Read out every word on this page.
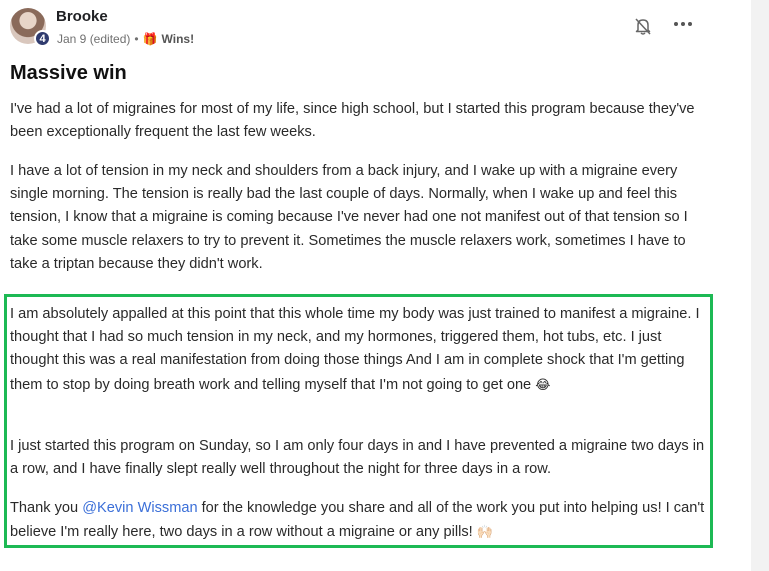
4
Brooke
Jan 9 (edited) • 🎁 Wins!
Massive win

I've had a lot of migraines for most of my life, since high school, but I started this program because they've been exceptionally frequent the last few weeks.

I have a lot of tension in my neck and shoulders from a back injury, and I wake up with a migraine every single morning. The tension is really bad the last couple of days. Normally, when I wake up and feel this tension, I know that a migraine is coming because I've never had one not manifest out of that tension so I take some muscle relaxers to try to prevent it. Sometimes the muscle relaxers work, sometimes I have to take a triptan because they didn't work.

I am absolutely appalled at this point that this whole time my body was just trained to manifest a migraine. I thought that I had so much tension in my neck, and my hormones, triggered them, hot tubs, etc. I just thought this was a real manifestation from doing those things And I am in complete shock that I'm getting them to stop by doing breath work and telling myself that I'm not going to get one 😂

I just started this program on Sunday, so I am only four days in and I have prevented a migraine two days in a row, and I have finally slept really well throughout the night for three days in a row.

Thank you @Kevin Wissman for the knowledge you share and all of the work you put into helping us! I can't believe I'm really here, two days in a row without a migraine or any pills! 🙌🏻
